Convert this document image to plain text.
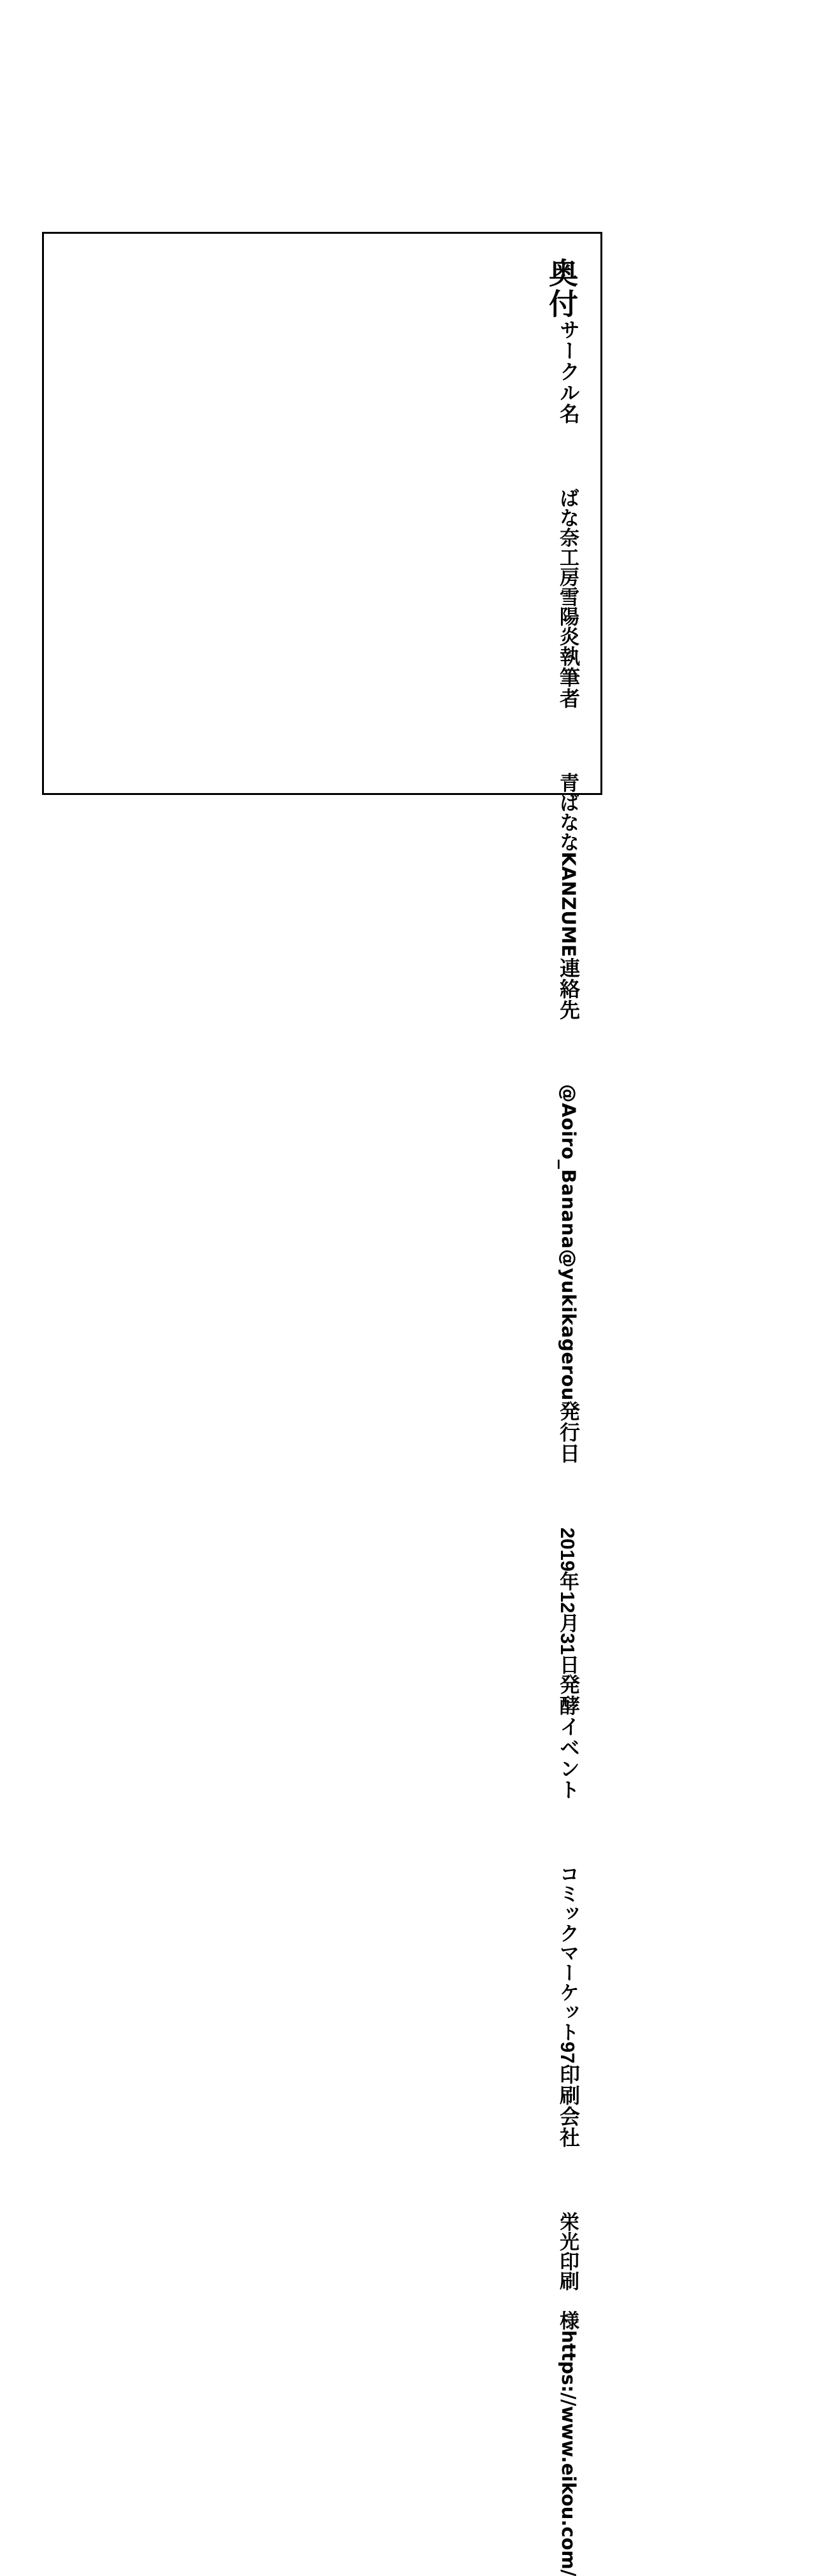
奥付
サークル名
ばな奈工房
雪陽炎
執筆者
青ばなな
KANZUME
連絡先
@Aoiro_Banana
@yukikagerou
発行日
2019年12月31日
発酵イベント
コミックマーケット97
印刷会社
栄光印刷　様
https://www.eikou.com/
